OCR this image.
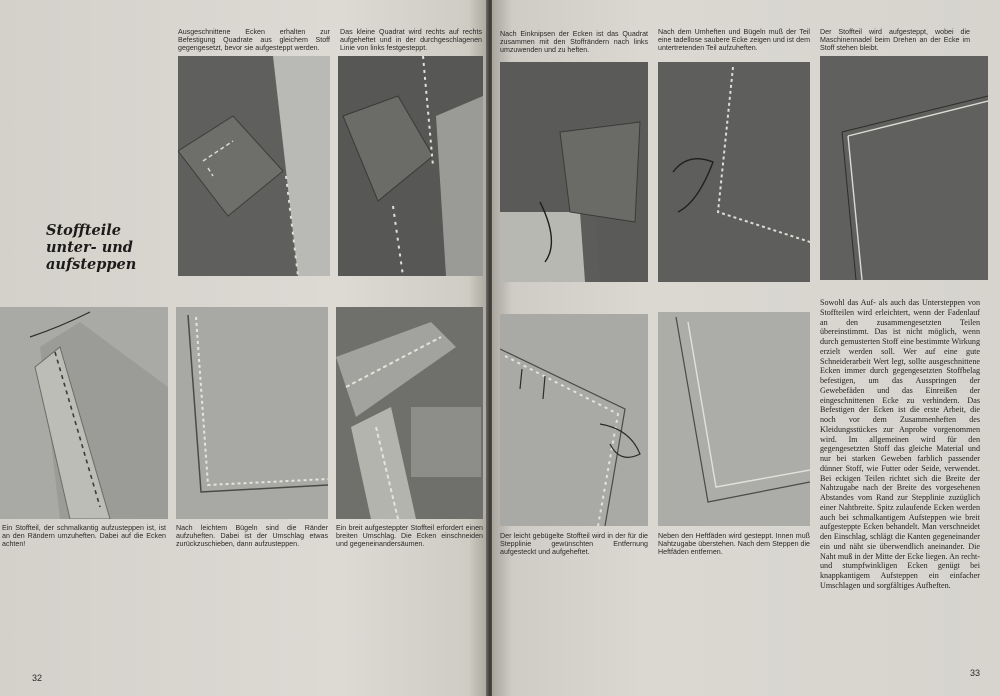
Ausgeschnittene Ecken erhalten zur Befestigung Quadrate aus gleichem Stoff gegengesetzt, bevor sie aufgesteppt werden.

Das kleine Quadrat wird rechts auf rechts aufgeheftet und in der durchgeschlagenen Linie von links festgesteppt.

Stoffteile unter- und aufsteppen

Ein Stoffteil, der schmalkantig aufzusteppen ist, ist an den Rändern umzuheften. Dabei auf die Ecken achten!

Nach leichtem Bügeln sind die Ränder aufzuheften. Dabei ist der Umschlag etwas zurückzuschieben, dann aufzusteppen.

Ein breit aufgesteppter Stoffteil erfordert einen breiten Umschlag. Die Ecken einschneiden und gegeneinandersäumen.

32

Nach Einknipsen der Ecken ist das Quadrat zusammen mit den Stoffrändern nach links umzuwenden und zu heften.

Nach dem Umheften und Bügeln muß der Teil eine tadellose saubere Ecke zeigen und ist dem untertretenden Teil aufzuheften.

Der Stoffteil wird aufgesteppt, wobei die Maschinennadel beim Drehen an der Ecke im Stoff stehen bleibt.

Der leicht gebügelte Stoffteil wird in der für die Stepplinie gewünschten Entfernung aufgesteckt und aufgeheftet.

Neben den Heftfäden wird gesteppt. Innen muß Nahtzugabe überstehen. Nach dem Steppen die Heftfäden entfernen.

33

Sowohl das Auf- als auch das Untersteppen von Stoffteilen wird erleichtert, wenn der Fadenlauf an den zusammengesetzten Teilen übereinstimmt. Das ist nicht möglich, wenn durch gemusterten Stoff eine bestimmte Wirkung erzielt werden soll. Wer auf eine gute Schneiderarbeit Wert legt, sollte ausgeschnittene Ecken immer durch gegengesetzten Stoffbelag befestigen, um das Ausspringen der Gewebefäden und das Einreißen der eingeschnittenen Ecke zu verhindern. Das Befestigen der Ecken ist die erste Arbeit, die noch vor dem Zusammenheften des Kleidungsstückes zur Anprobe vorgenommen wird. Im allgemeinen wird für den gegengesetzten Stoff das gleiche Material und nur bei starken Geweben farblich passender dünner Stoff, wie Futter oder Seide, verwendet. Bei eckigen Teilen richtet sich die Breite der Nahtzugabe nach der Breite des vorgesehenen Abstandes vom Rand zur Stepplinie zuzüglich einer Nahtbreite. Spitz zulaufende Ecken werden auch bei schmalkantigem Aufsteppen wie breit aufgesteppte Ecken behandelt. Man verschneidet den Einschlag, schlägt die Kanten gegeneinander ein und näht sie überwendlich aneinander. Die Naht muß in der Mitte der Ecke liegen. An recht- und stumpfwinkligen Ecken genügt bei knappkantigem Aufsteppen ein einfacher Umschlagen und sorgfältiges Aufheften.
